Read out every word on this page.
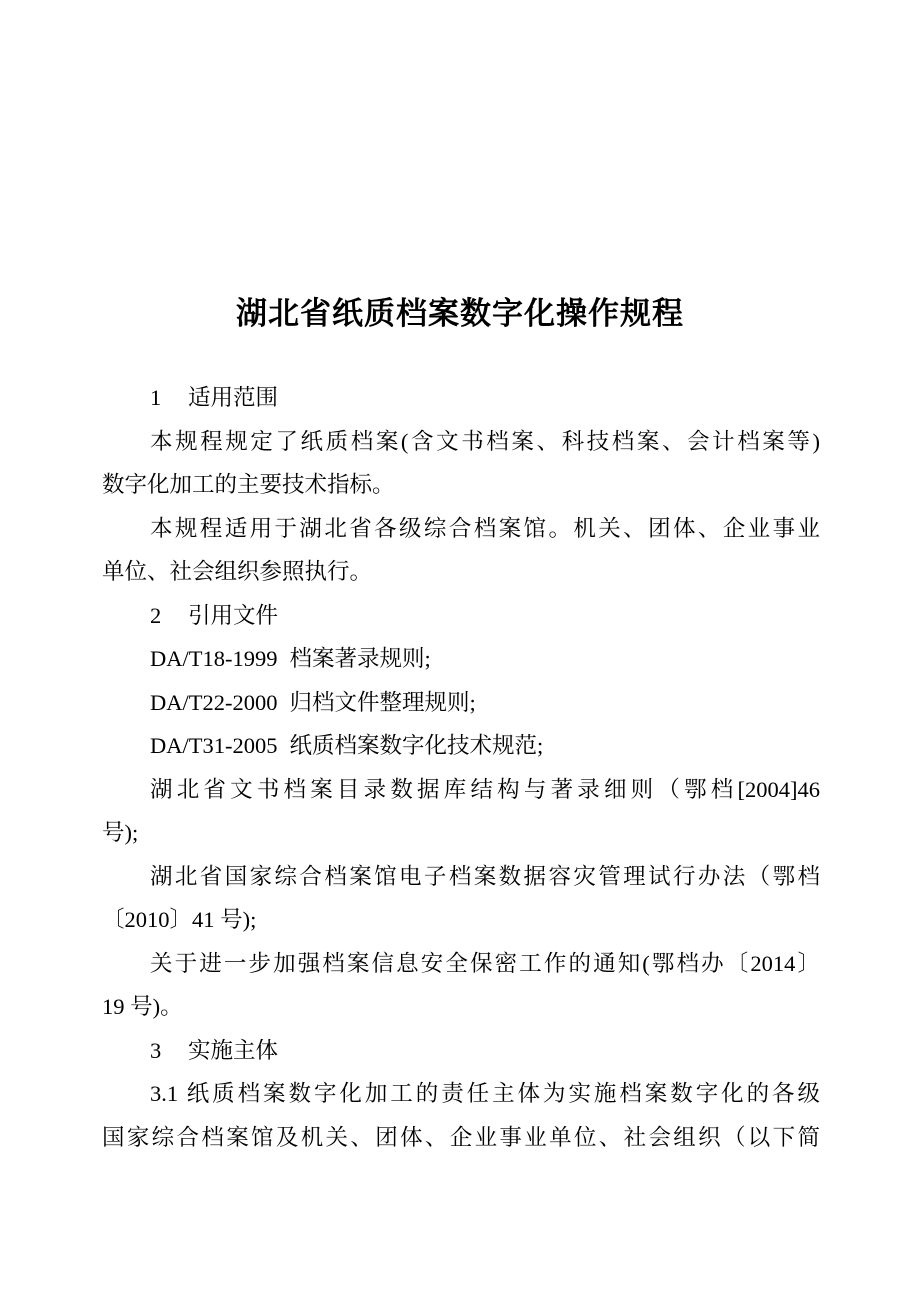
湖北省纸质档案数字化操作规程
1 适用范围
本规程规定了纸质档案(含文书档案、科技档案、会计档案等)
数字化加工的主要技术指标。
本规程适用于湖北省各级综合档案馆。机关、团体、企业事业
单位、社会组织参照执行。
2 引用文件
DA/T18-1999 档案著录规则;
DA/T22-2000 归档文件整理规则;
DA/T31-2005 纸质档案数字化技术规范;
湖北省文书档案目录数据库结构与著录细则（鄂档[2004]46
号);
湖北省国家综合档案馆电子档案数据容灾管理试行办法（鄂档
〔2010〕41 号);
关于进一步加强档案信息安全保密工作的通知(鄂档办〔2014〕
19 号)。
3 实施主体
3.1 纸质档案数字化加工的责任主体为实施档案数字化的各级
国家综合档案馆及机关、团体、企业事业单位、社会组织（以下简
